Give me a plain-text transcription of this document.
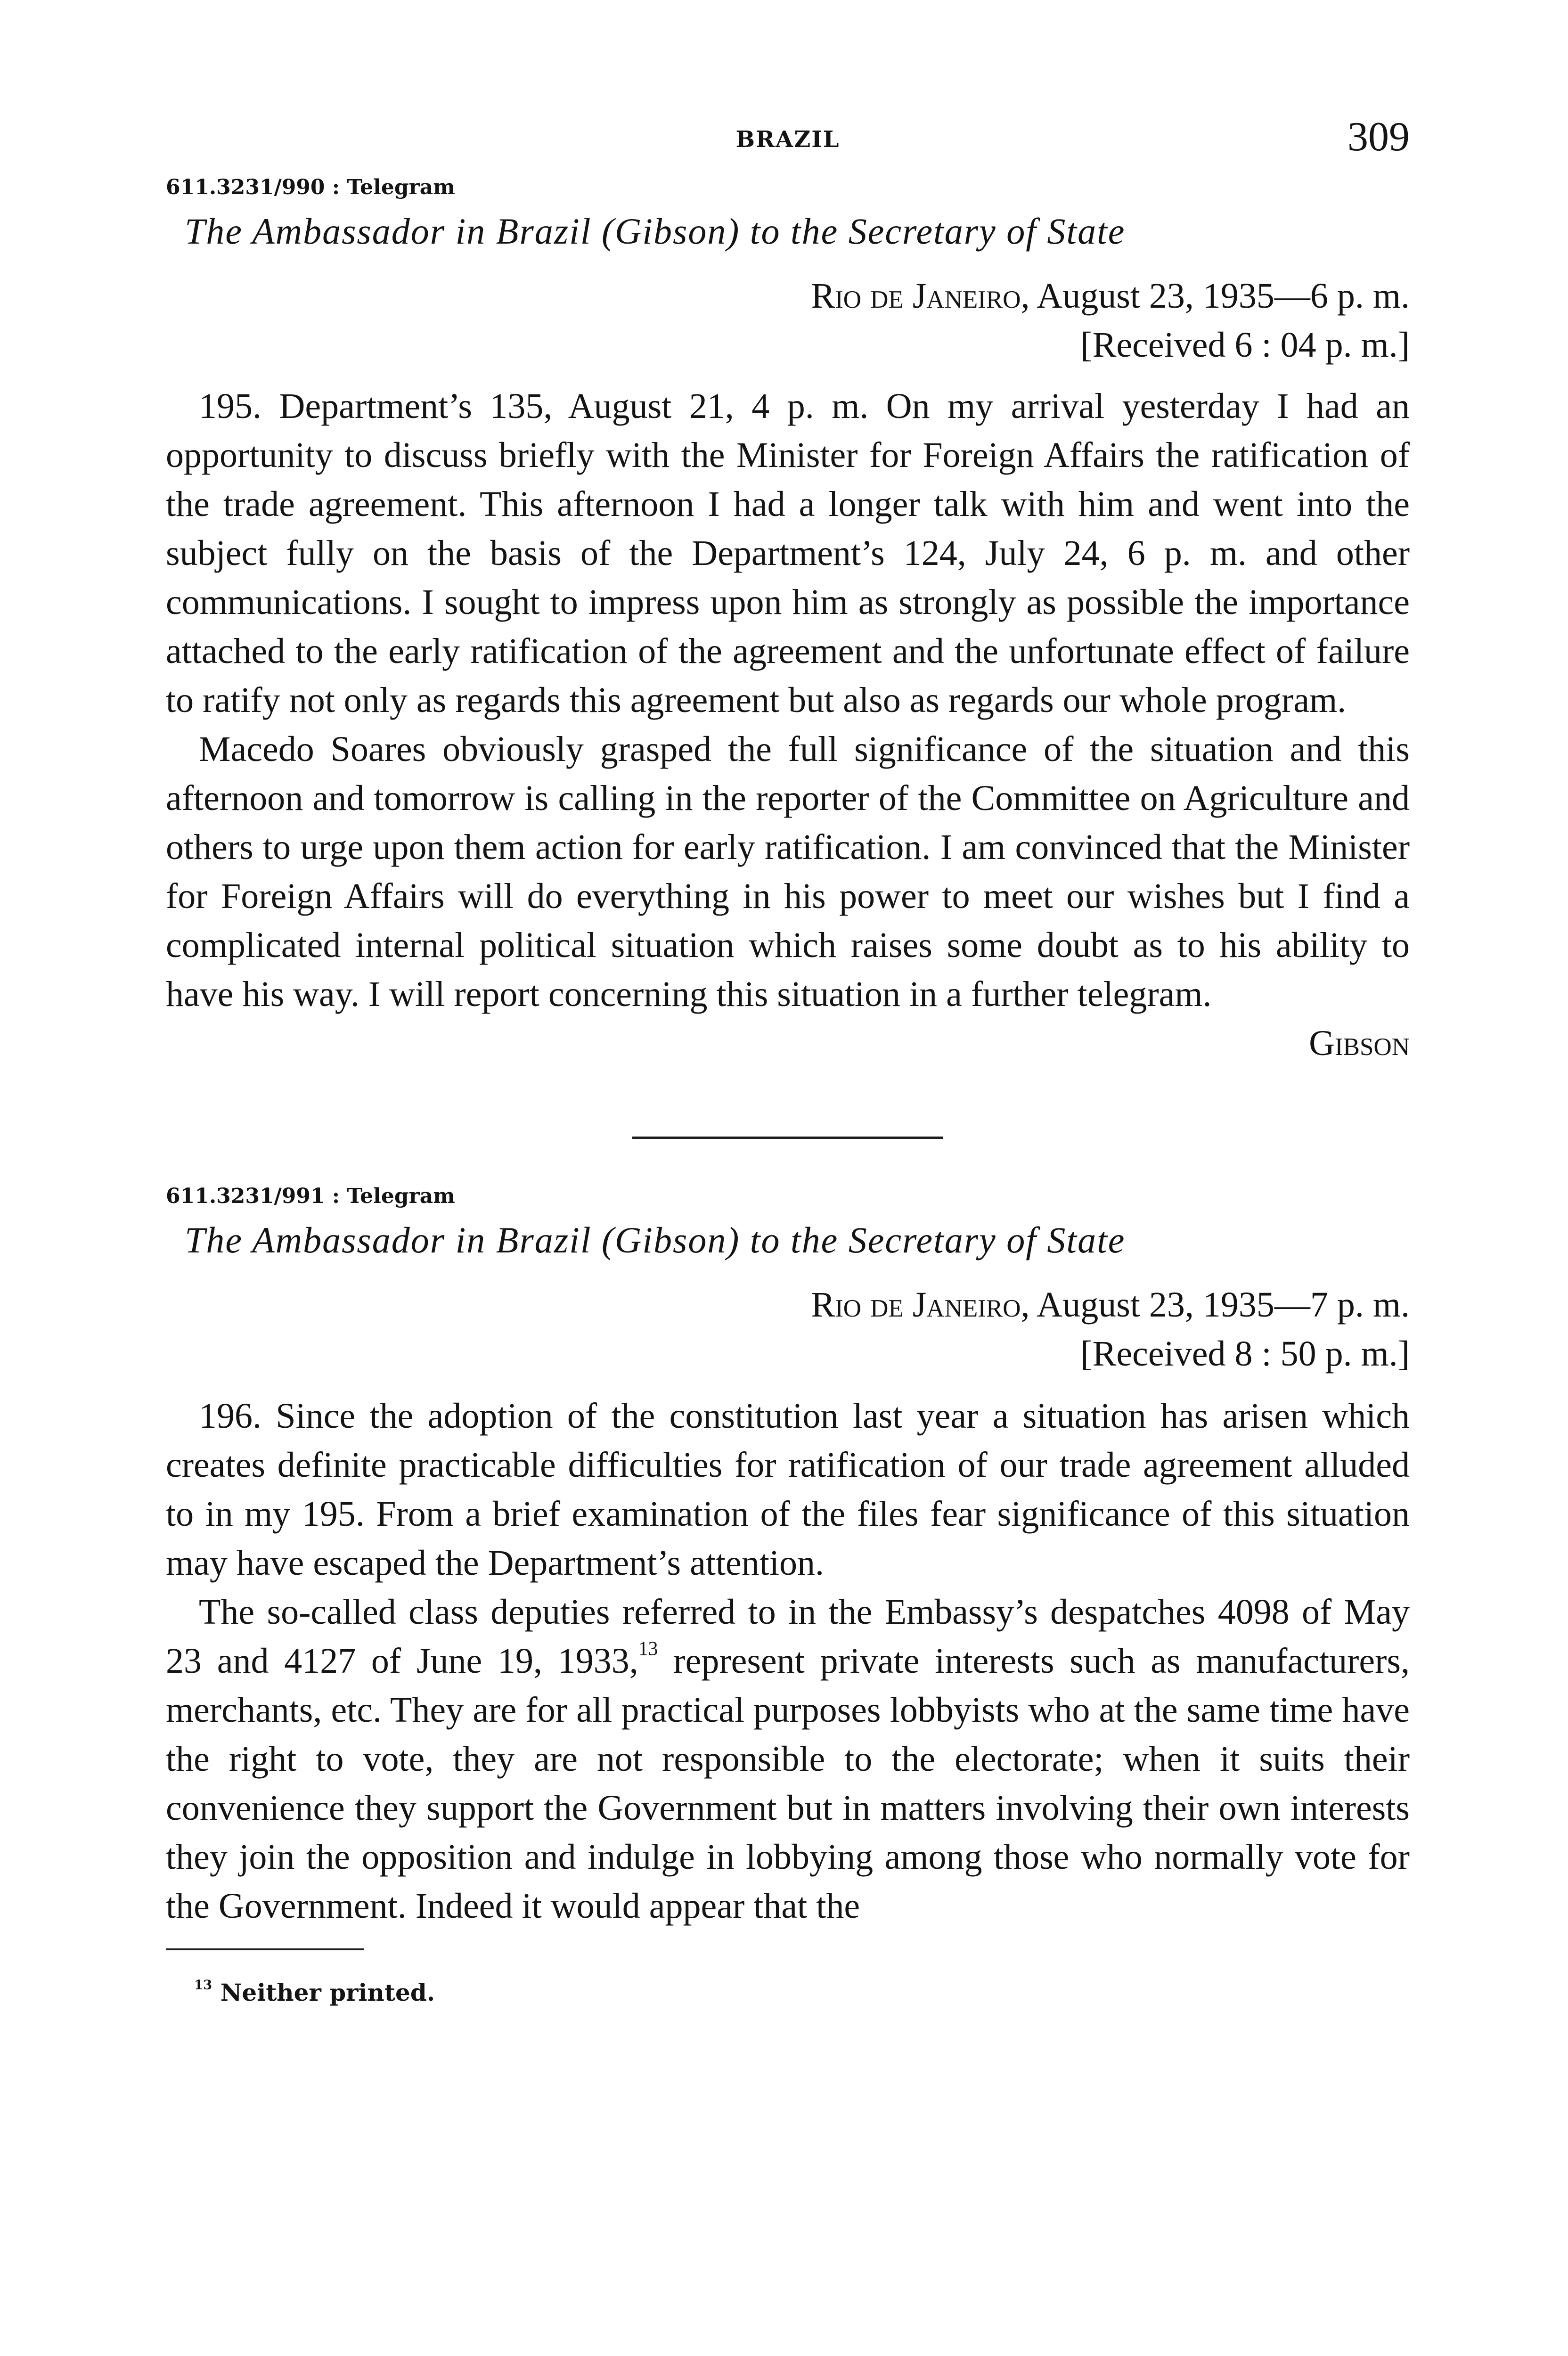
BRAZIL	309

611.3231/990 : Telegram

The Ambassador in Brazil (Gibson) to the Secretary of State

Rio de Janeiro, August 23, 1935—6 p. m.

[Received 6 : 04 p. m.]

195. Department’s 135, August 21, 4 p. m. On my arrival yesterday I had an opportunity to discuss briefly with the Minister for Foreign Affairs the ratification of the trade agreement. This afternoon I had a longer talk with him and went into the subject fully on the basis of the Department’s 124, July 24, 6 p. m. and other communications. I sought to impress upon him as strongly as possible the importance attached to the early ratification of the agreement and the unfortunate effect of failure to ratify not only as regards this agreement but also as regards our whole program.

Macedo Soares obviously grasped the full significance of the situation and this afternoon and tomorrow is calling in the reporter of the Committee on Agriculture and others to urge upon them action for early ratification. I am convinced that the Minister for Foreign Affairs will do everything in his power to meet our wishes but I find a complicated internal political situation which raises some doubt as to his ability to have his way. I will report concerning this situation in a further telegram.

Gibson

611.3231/991 : Telegram

The Ambassador in Brazil (Gibson) to the Secretary of State

Rio de Janeiro, August 23, 1935—7 p. m.

[Received 8 : 50 p. m.]

196. Since the adoption of the constitution last year a situation has arisen which creates definite practicable difficulties for ratification of our trade agreement alluded to in my 195. From a brief examination of the files fear significance of this situation may have escaped the Department’s attention.

The so-called class deputies referred to in the Embassy’s despatches 4098 of May 23 and 4127 of June 19, 1933,13 represent private interests such as manufacturers, merchants, etc. They are for all practical purposes lobbyists who at the same time have the right to vote, they are not responsible to the electorate; when it suits their convenience they support the Government but in matters involving their own interests they join the opposition and indulge in lobbying among those who normally vote for the Government. Indeed it would appear that the

$^{13}$ Neither printed.
